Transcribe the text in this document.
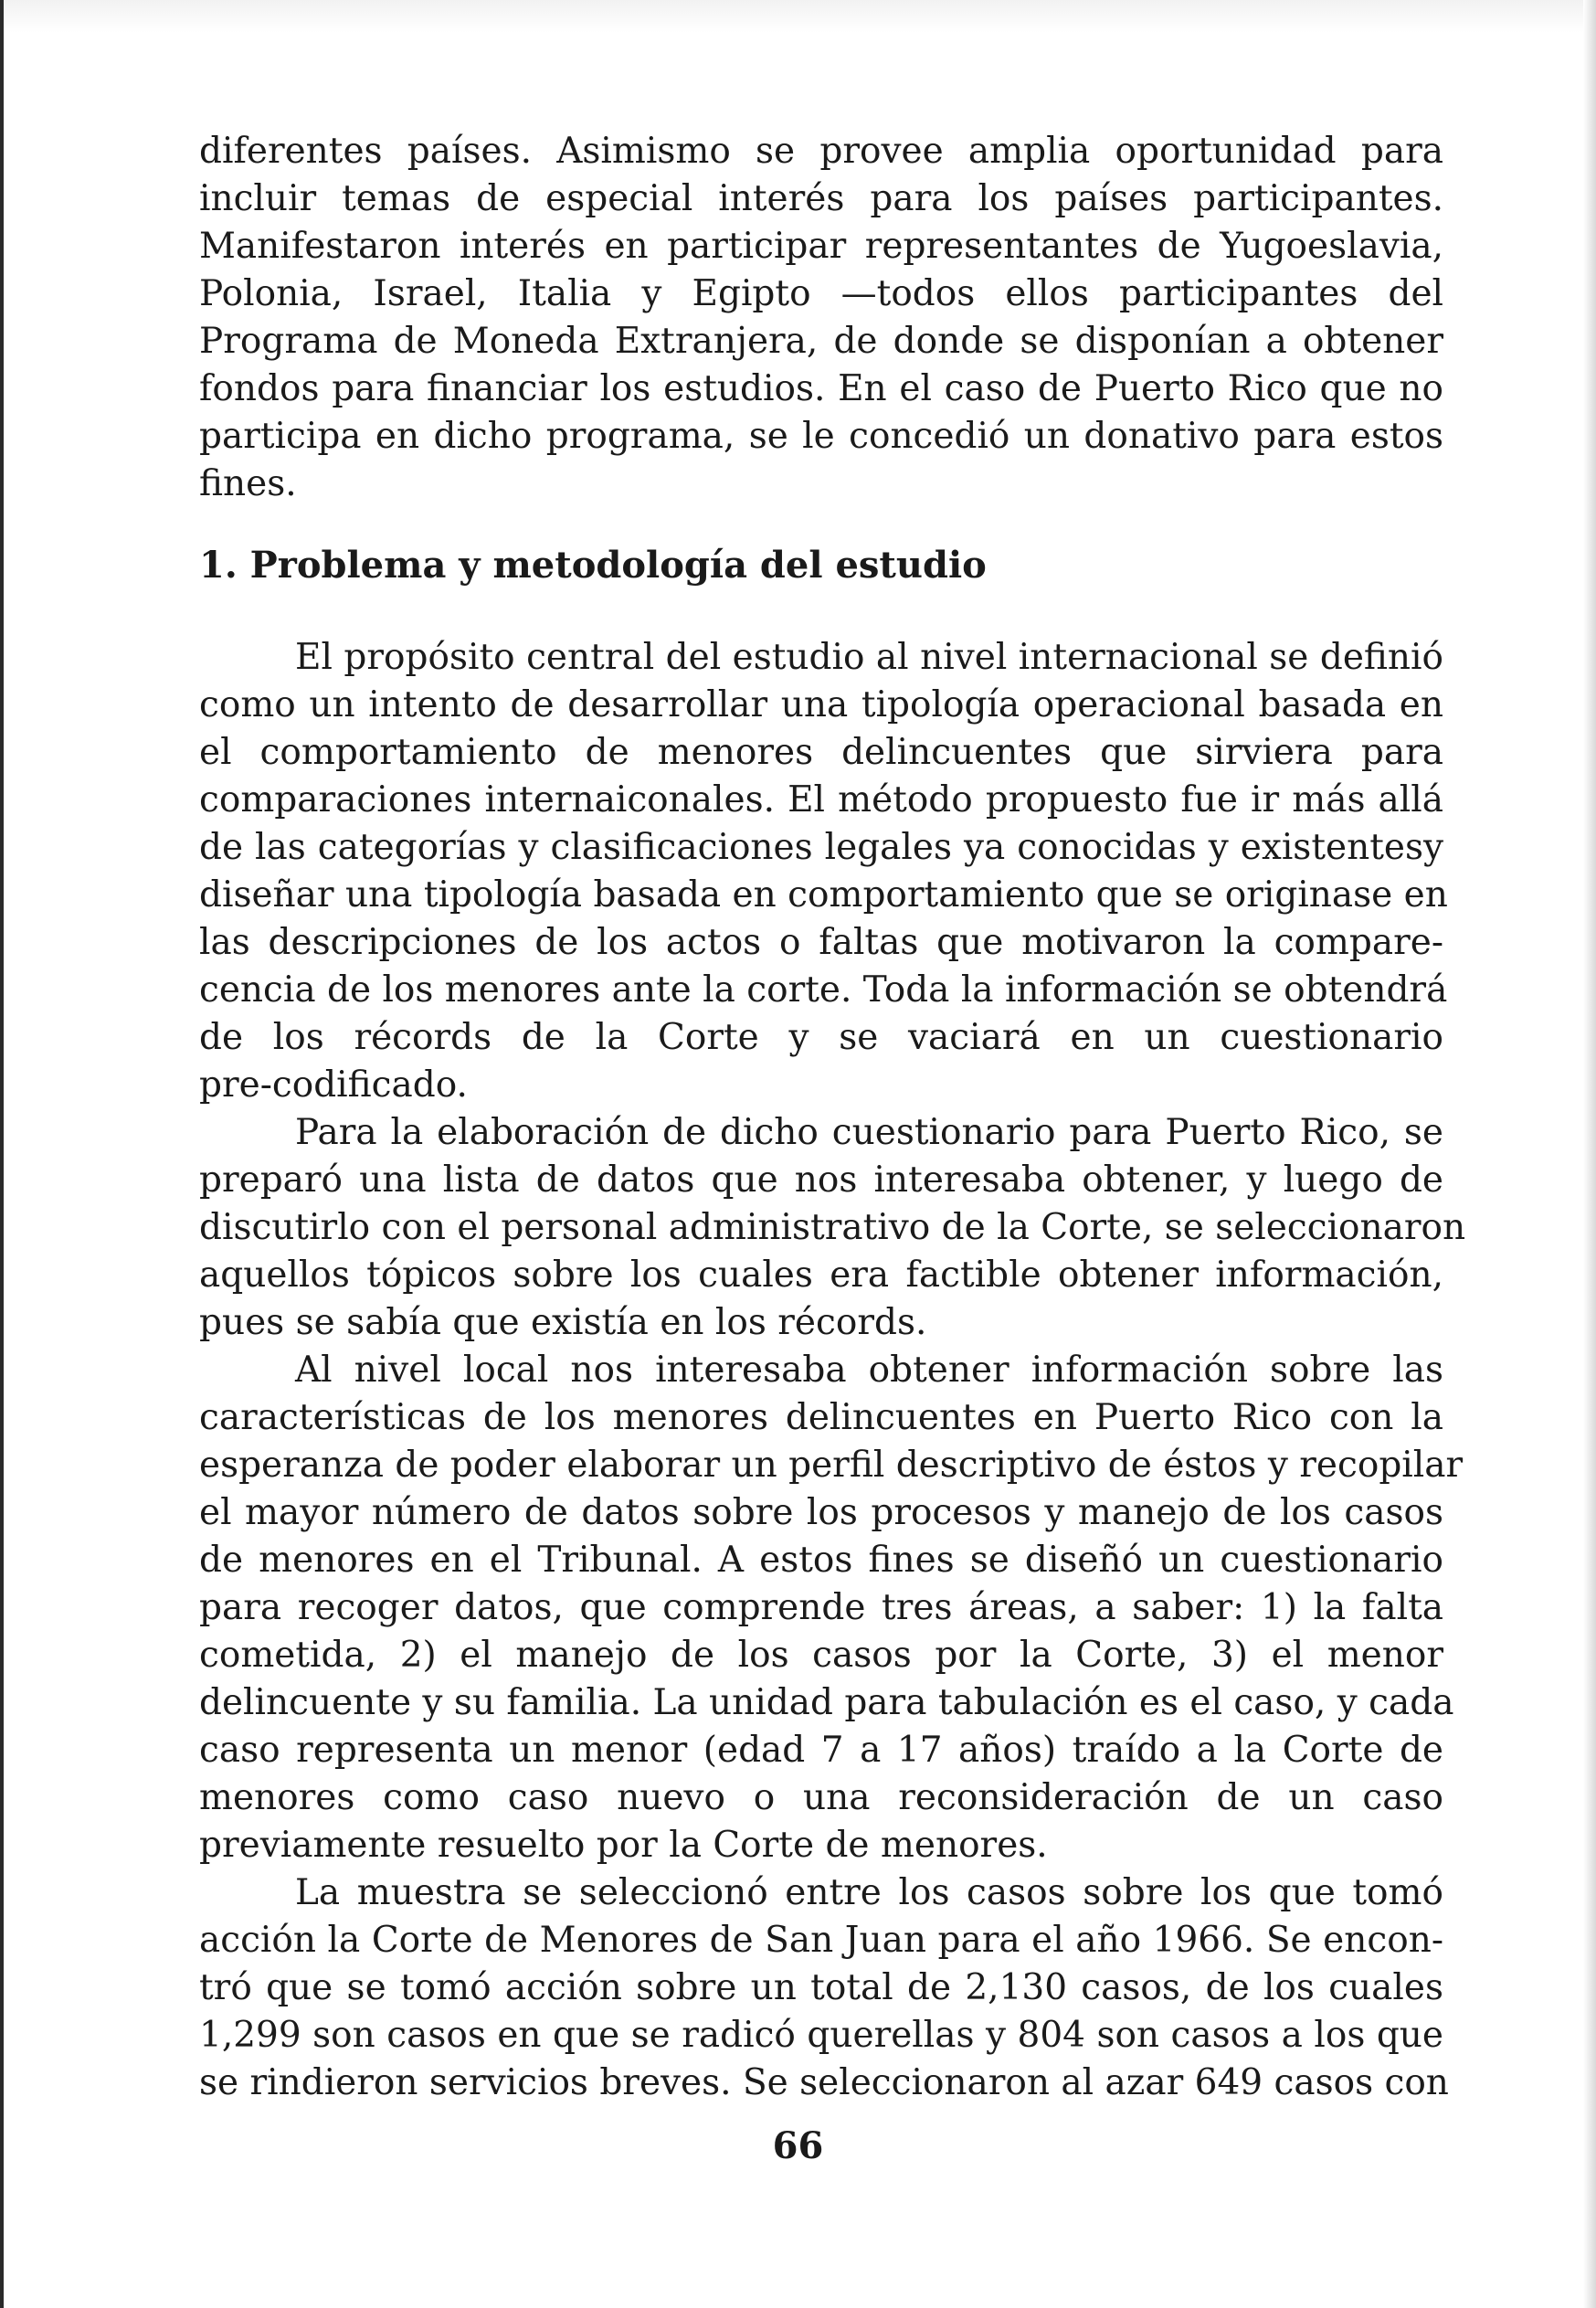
diferentes países. Asimismo se provee amplia oportunidad para
incluir temas de especial interés para los países participantes.
Manifestaron interés en participar representantes de Yugoeslavia,
Polonia, Israel, Italia y Egipto —todos ellos participantes del
Programa de Moneda Extranjera, de donde se disponían a obtener
fondos para financiar los estudios. En el caso de Puerto Rico que no
participa en dicho programa, se le concedió un donativo para estos
fines.
1. Problema y metodología del estudio
El propósito central del estudio al nivel internacional se definió
como un intento de desarrollar una tipología operacional basada en
el comportamiento de menores delincuentes que sirviera para
comparaciones internaiconales. El método propuesto fue ir más allá
de las categorías y clasificaciones legales ya conocidas y existentesy
diseñar una tipología basada en comportamiento que se originase en
las descripciones de los actos o faltas que motivaron la compare-
cencia de los menores ante la corte. Toda la información se obtendrá
de los récords de la Corte y se vaciará en un cuestionario
pre-codificado.
Para la elaboración de dicho cuestionario para Puerto Rico, se
preparó una lista de datos que nos interesaba obtener, y luego de
discutirlo con el personal administrativo de la Corte, se seleccionaron
aquellos tópicos sobre los cuales era factible obtener información,
pues se sabía que existía en los récords.
Al nivel local nos interesaba obtener información sobre las
características de los menores delincuentes en Puerto Rico con la
esperanza de poder elaborar un perfil descriptivo de éstos y recopilar
el mayor número de datos sobre los procesos y manejo de los casos
de menores en el Tribunal. A estos fines se diseñó un cuestionario
para recoger datos, que comprende tres áreas, a saber: 1) la falta
cometida, 2) el manejo de los casos por la Corte, 3) el menor
delincuente y su familia. La unidad para tabulación es el caso, y cada
caso representa un menor (edad 7 a 17 años) traído a la Corte de
menores como caso nuevo o una reconsideración de un caso
previamente resuelto por la Corte de menores.
La muestra se seleccionó entre los casos sobre los que tomó
acción la Corte de Menores de San Juan para el año 1966. Se encon-
tró que se tomó acción sobre un total de 2,130 casos, de los cuales
1,299 son casos en que se radicó querellas y 804 son casos a los que
se rindieron servicios breves. Se seleccionaron al azar 649 casos con

66
